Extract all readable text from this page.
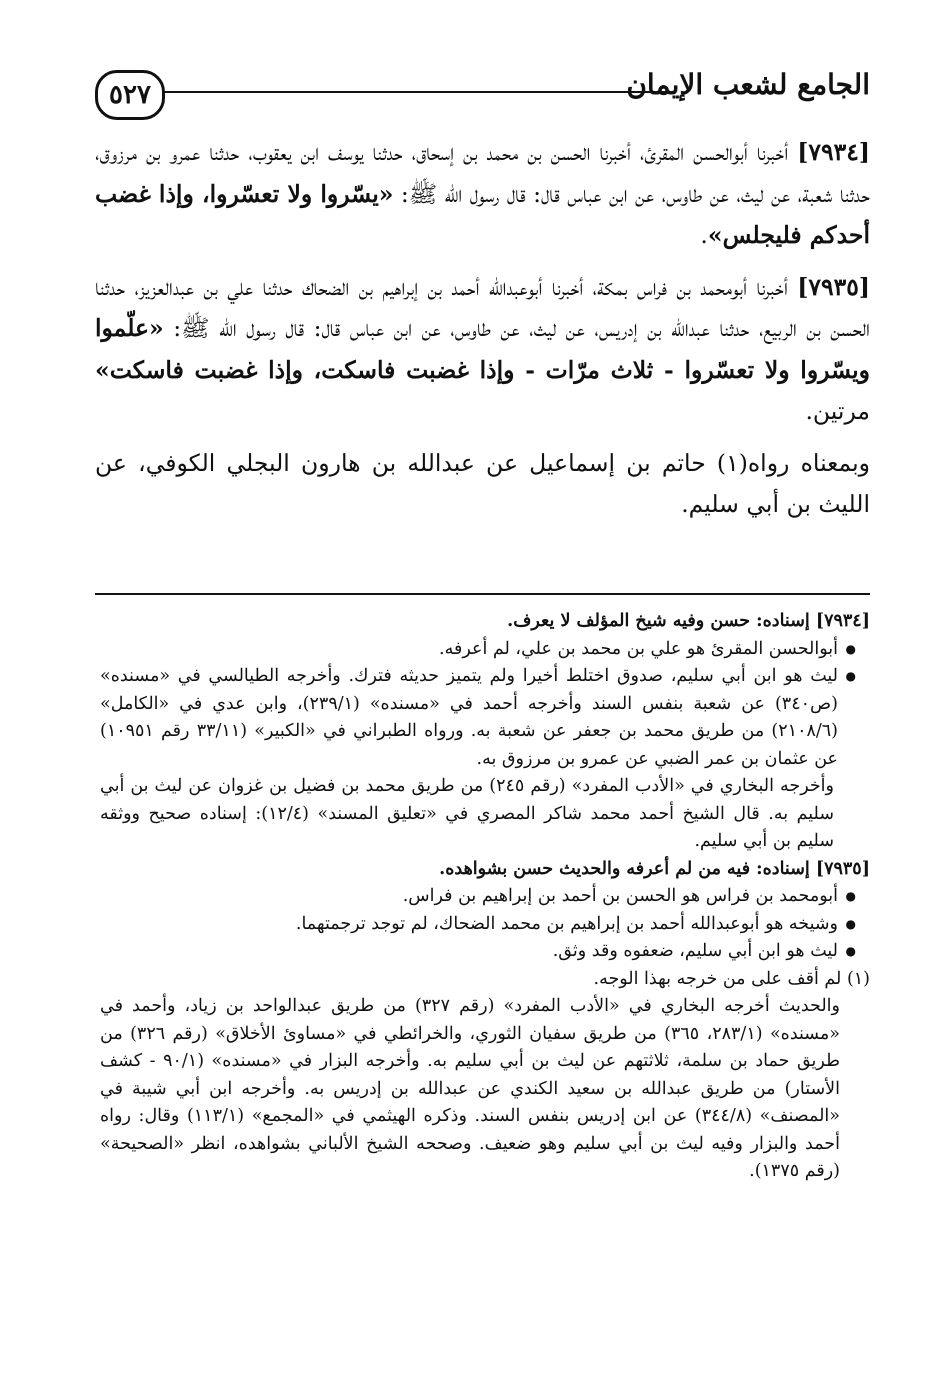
٥٢٧	الجامع لشعب الإيمان

[٧٩٣٤] أخبرنا أبوالحسن المقرئ، أخبرنا الحسن بن محمد بن إسحاق، حدثنا يوسف ابن يعقوب، حدثنا عمرو بن مرزوق، حدثنا شعبة، عن ليث، عن طاوس، عن ابن عباس قال: قال رسول الله ﷺ: «يسّروا ولا تعسّروا، وإذا غضب أحدكم فليجلس».

[٧٩٣٥] أخبرنا أبومحمد بن فراس بمكة، أخبرنا أبوعبدالله أحمد بن إبراهيم بن الضحاك حدثنا علي بن عبدالعزيز، حدثنا الحسن بن الربيع، حدثنا عبدالله بن إدريس، عن ليث، عن طاوس، عن ابن عباس قال: قال رسول الله ﷺ: «علّموا ويسّروا ولا تعسّروا - ثلاث مرّات - وإذا غضبت فاسكت، وإذا غضبت فاسكت» مرتين.

وبمعناه رواه(١) حاتم بن إسماعيل عن عبدالله بن هارون البجلي الكوفي، عن الليث بن أبي سليم.

[٧٩٣٤] إسناده: حسن وفيه شيخ المؤلف لا يعرف.

● أبوالحسن المقرئ هو علي بن محمد بن علي، لم أعرفه.
● ليث هو ابن أبي سليم، صدوق اختلط أخيرا ولم يتميز حديثه فترك. وأخرجه الطيالسي في «مسنده» (ص٣٤٠) عن شعبة بنفس السند وأخرجه أحمد في «مسنده» (٢٣٩/١)، وابن عدي في «الكامل» (٢١٠٨/٦) من طريق محمد بن جعفر عن شعبة به. ورواه الطبراني في «الكبير» (٣٣/١١ رقم ١٠٩٥١) عن عثمان بن عمر الضبي عن عمرو بن مرزوق به.

وأخرجه البخاري في «الأدب المفرد» (رقم ٢٤٥) من طريق محمد بن فضيل بن غزوان عن ليث بن أبي سليم به. قال الشيخ أحمد محمد شاكر المصري في «تعليق المسند» (١٢/٤): إسناده صحيح ووثقه سليم بن أبي سليم.

[٧٩٣٥] إسناده: فيه من لم أعرفه والحديث حسن بشواهده.

● أبومحمد بن فراس هو الحسن بن أحمد بن إبراهيم بن فراس.
● وشيخه هو أبوعبدالله أحمد بن إبراهيم بن محمد الضحاك، لم توجد ترجمتهما.
● ليث هو ابن أبي سليم، ضعفوه وقد وثق.

(١) لم أقف على من خرجه بهذا الوجه.

والحديث أخرجه البخاري في «الأدب المفرد» (رقم ٣٢٧) من طريق عبدالواحد بن زياد، وأحمد في «مسنده» (٢٨٣/١، ٣٦٥) من طريق سفيان الثوري، والخرائطي في «مساوئ الأخلاق» (رقم ٣٢٦) من طريق حماد بن سلمة، ثلاثتهم عن ليث بن أبي سليم به. وأخرجه البزار في «مسنده» (٩٠/١ - كشف الأستار) من طريق عبدالله بن سعيد الكندي عن عبدالله بن إدريس به. وأخرجه ابن أبي شيبة في «المصنف» (٣٤٤/٨) عن ابن إدريس بنفس السند. وذكره الهيثمي في «المجمع» (١١٣/١) وقال: رواه أحمد والبزار وفيه ليث بن أبي سليم وهو ضعيف. وصححه الشيخ الألباني بشواهده، انظر «الصحيحة» (رقم ١٣٧٥).
